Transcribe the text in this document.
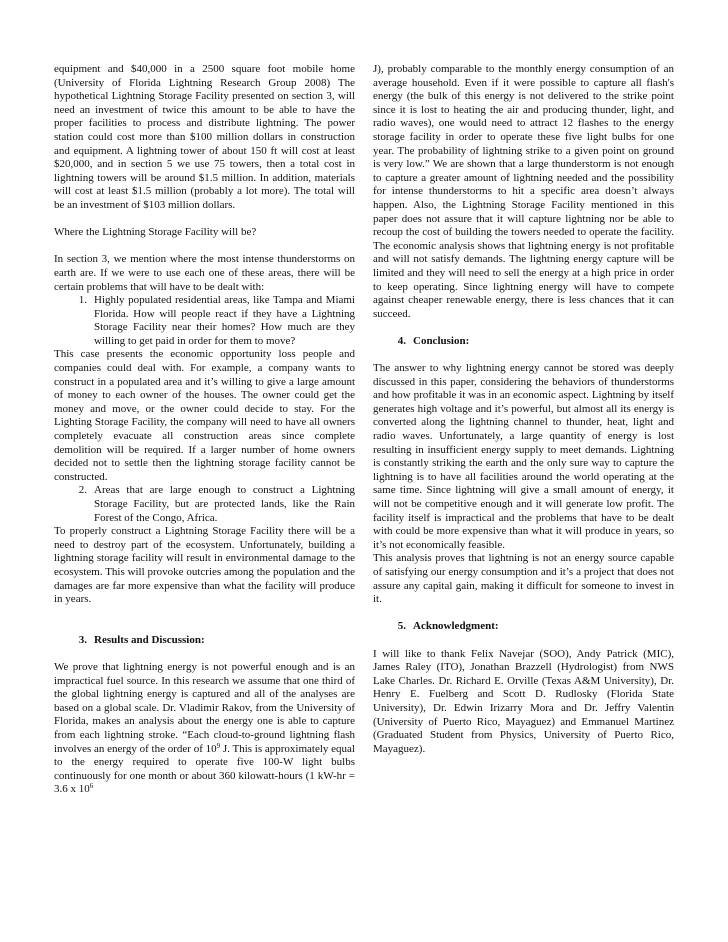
equipment and $40,000 in a 2500 square foot mobile home (University of Florida Lightning Research Group 2008) The hypothetical Lightning Storage Facility presented on section 3, will need an investment of twice this amount to be able to have the proper facilities to process and distribute lightning. The power station could cost more than $100 million dollars in construction and equipment. A lightning tower of about 150 ft will cost at least $20,000, and in section 5 we use 75 towers, then a total cost in lightning towers will be around $1.5 million. In addition, materials will cost at least $1.5 million (probably a lot more). The total will be an investment of $103 million dollars.

Where the Lightning Storage Facility will be?

In section 3, we mention where the most intense thunderstorms on earth are. If we were to use each one of these areas, there will be certain problems that will have to be dealt with:

1. Highly populated residential areas, like Tampa and Miami Florida. How will people react if they have a Lightning Storage Facility near their homes? How much are they willing to get paid in order for them to move?

This case presents the economic opportunity loss people and companies could deal with. For example, a company wants to construct in a populated area and it’s willing to give a large amount of money to each owner of the houses. The owner could get the money and move, or the owner could decide to stay. For the Lighting Storage Facility, the company will need to have all owners completely evacuate all construction areas since complete demolition will be required. If a larger number of home owners decided not to settle then the lightning storage facility cannot be constructed.

2. Areas that are large enough to construct a Lightning Storage Facility, but are protected lands, like the Rain Forest of the Congo, Africa.

To properly construct a Lightning Storage Facility there will be a need to destroy part of the ecosystem. Unfortunately, building a lightning storage facility will result in environmental damage to the ecosystem. This will provoke outcries among the population and the damages are far more expensive than what the facility will produce in years.

3. Results and Discussion:

We prove that lightning energy is not powerful enough and is an impractical fuel source. In this research we assume that one third of the global lightning energy is captured and all of the analyses are based on a global scale. Dr. Vladimir Rakov, from the University of Florida, makes an analysis about the energy one is able to capture from each lightning stroke. “Each cloud-to-ground lightning flash involves an energy of the order of $10^9$ J. This is approximately equal to the energy required to operate five 100-W light bulbs continuously for one month or about 360 kilowatt-hours (1 kW-hr = 3.6 x $10^6$

J), probably comparable to the monthly energy consumption of an average household. Even if it were possible to capture all flash's energy (the bulk of this energy is not delivered to the strike point since it is lost to heating the air and producing thunder, light, and radio waves), one would need to attract 12 flashes to the energy storage facility in order to operate these five light bulbs for one year. The probability of lightning strike to a given point on ground is very low.” We are shown that a large thunderstorm is not enough to capture a greater amount of lightning needed and the possibility for intense thunderstorms to hit a specific area doesn’t always happen. Also, the Lightning Storage Facility mentioned in this paper does not assure that it will capture lightning nor be able to recoup the cost of building the towers needed to operate the facility. The economic analysis shows that lightning energy is not profitable and will not satisfy demands. The lightning energy capture will be limited and they will need to sell the energy at a high price in order to keep operating. Since lightning energy will have to compete against cheaper renewable energy, there is less chances that it can succeed.

4. Conclusion:

The answer to why lightning energy cannot be stored was deeply discussed in this paper, considering the behaviors of thunderstorms and how profitable it was in an economic aspect. Lightning by itself generates high voltage and it’s powerful, but almost all its energy is converted along the lightning channel to thunder, heat, light and radio waves. Unfortunately, a large quantity of energy is lost resulting in insufficient energy supply to meet demands. Lightning is constantly striking the earth and the only sure way to capture the lightning is to have all facilities around the world operating at the same time. Since lightning will give a small amount of energy, it will not be competitive enough and it will generate low profit. The facility itself is impractical and the problems that have to be dealt with could be more expensive than what it will produce in years, so it’s not economically feasible.

This analysis proves that lightning is not an energy source capable of satisfying our energy consumption and it’s a project that does not assure any capital gain, making it difficult for someone to invest in it.

5. Acknowledgment:

I will like to thank Felix Navejar (SOO), Andy Patrick (MIC), James Raley (ITO), Jonathan Brazzell (Hydrologist) from NWS Lake Charles. Dr. Richard E. Orville (Texas A&M University), Dr. Henry E. Fuelberg and Scott D. Rudlosky (Florida State University), Dr. Edwin Irizarry Mora and Dr. Jeffry Valentin (University of Puerto Rico, Mayaguez) and Emmanuel Martinez (Graduated Student from Physics, University of Puerto Rico, Mayaguez).
